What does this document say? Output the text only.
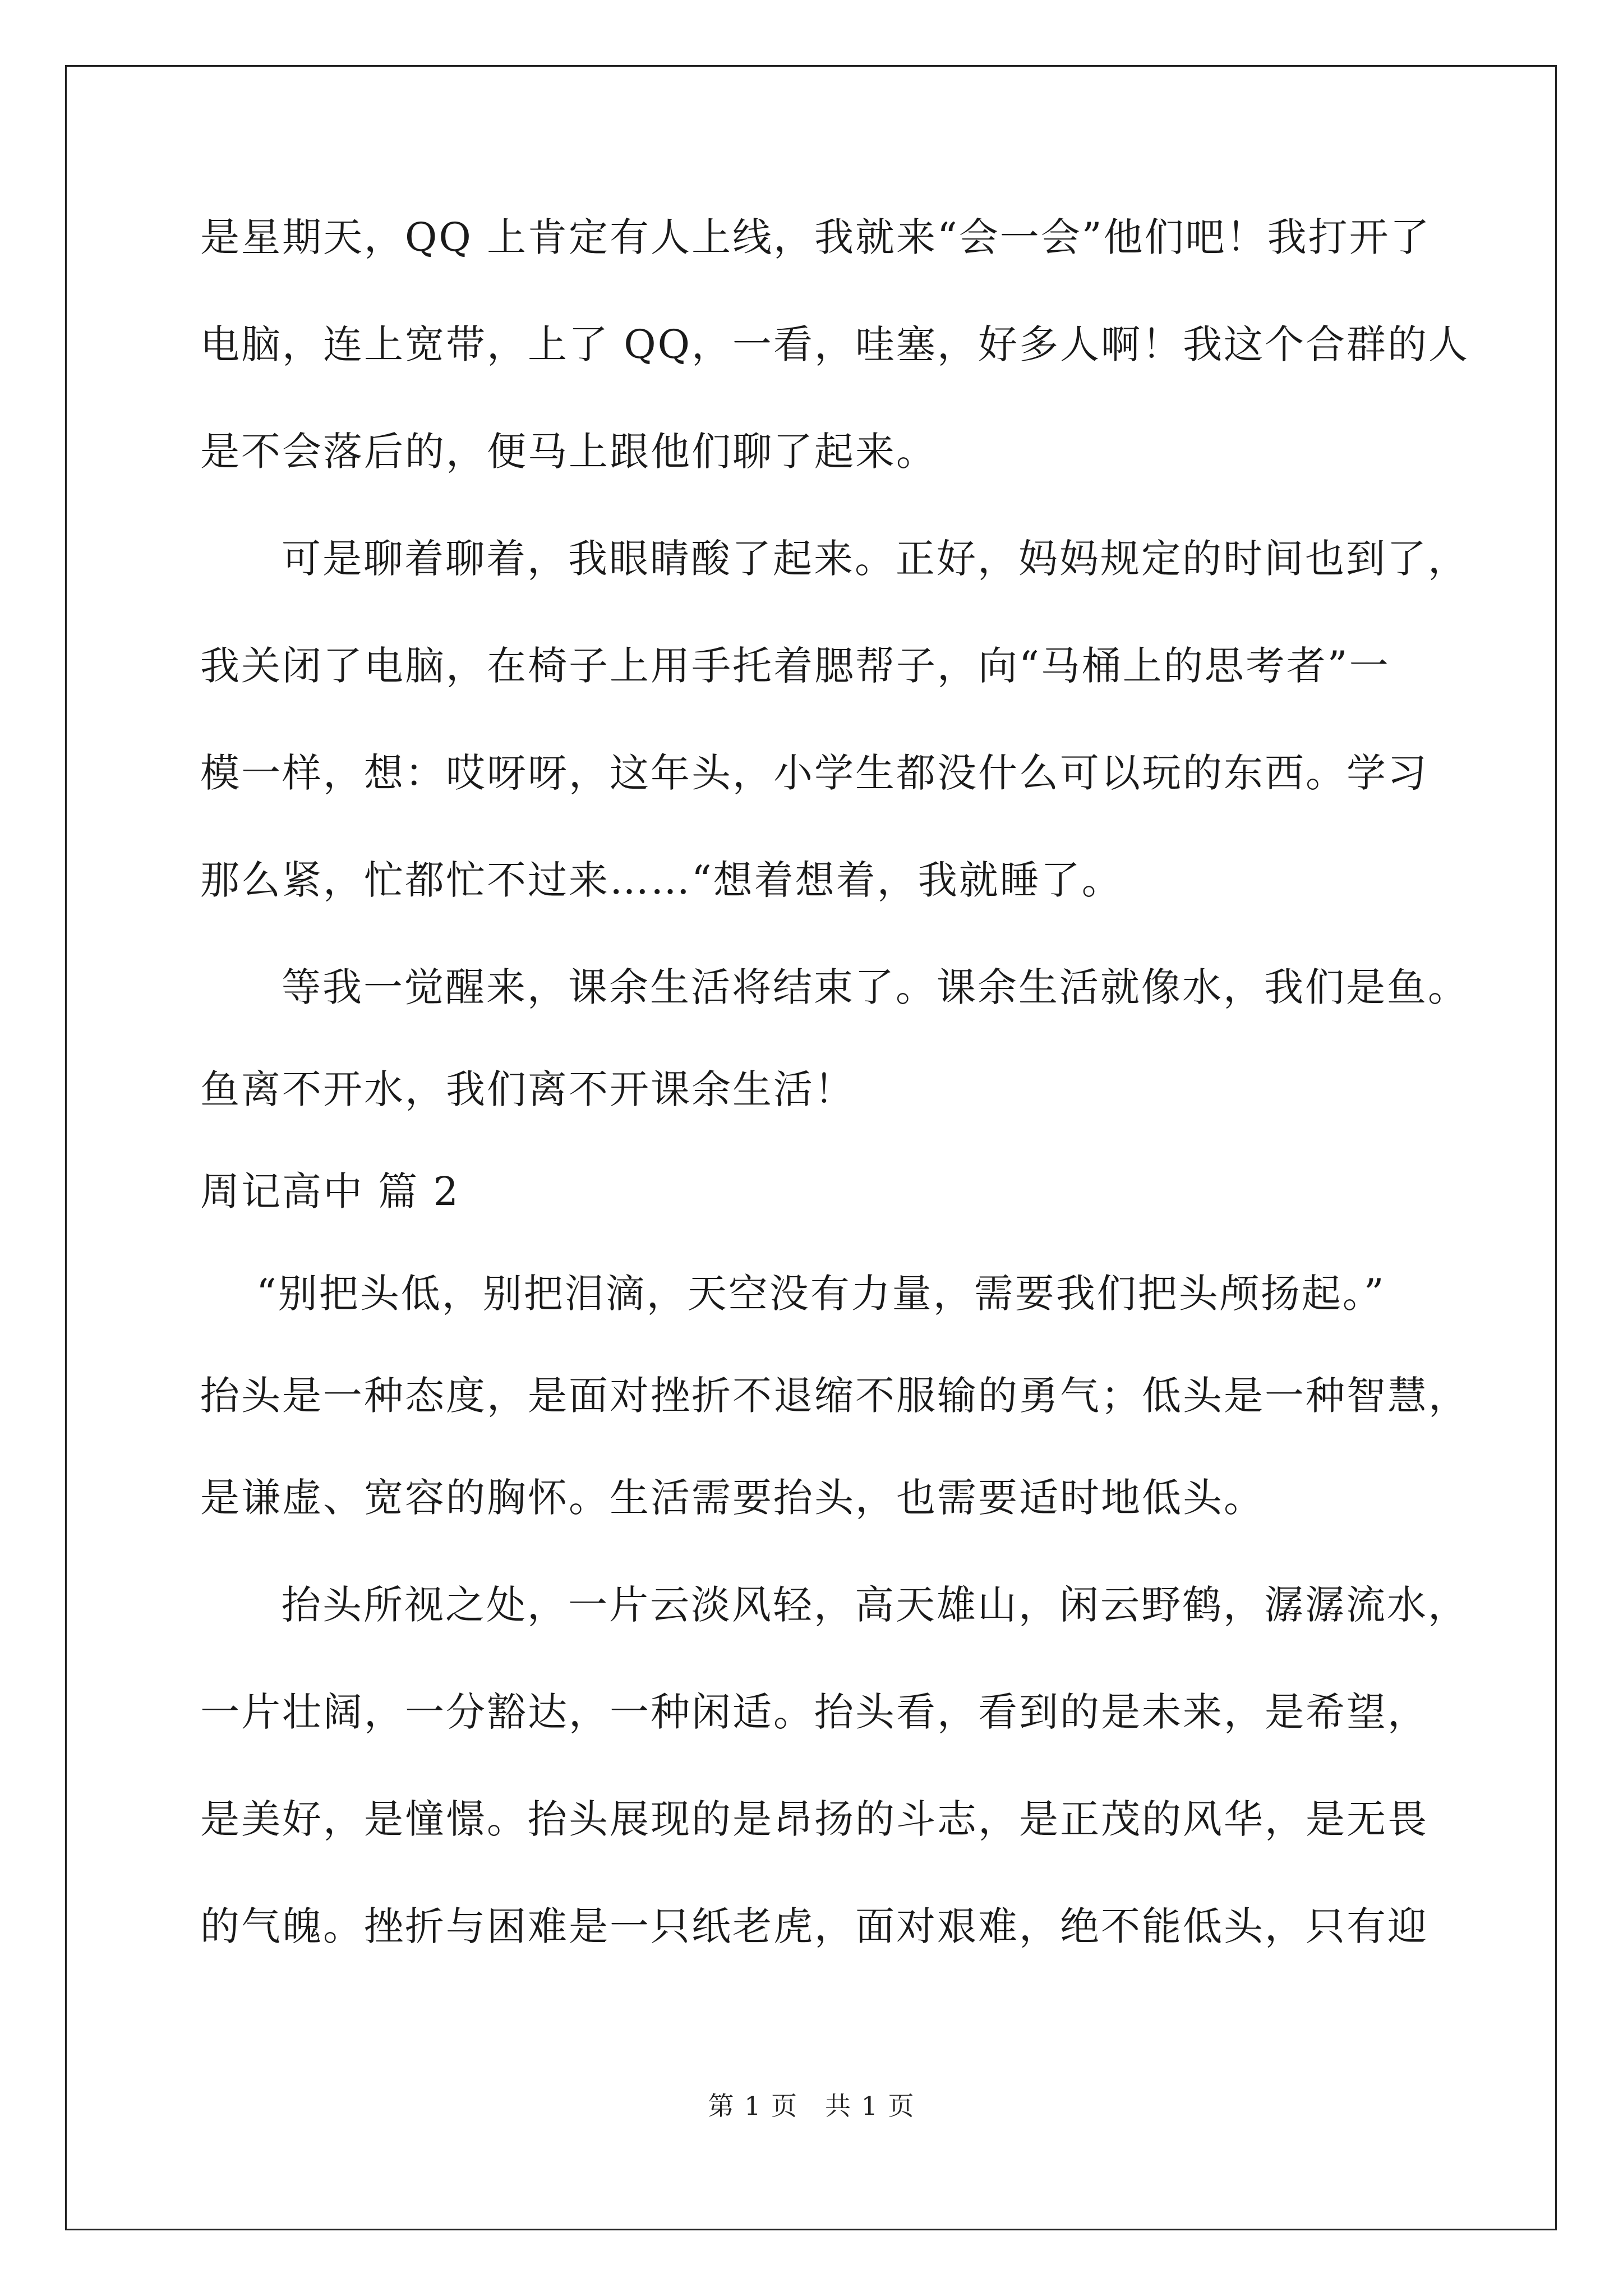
是星期天，QQ 上肯定有人上线，我就来“会一会”他们吧！我打开了

电脑，连上宽带，上了 QQ，一看，哇塞，好多人啊！我这个合群的人

是不会落后的，便马上跟他们聊了起来。

可是聊着聊着，我眼睛酸了起来。正好，妈妈规定的时间也到了，

我关闭了电脑，在椅子上用手托着腮帮子，向“马桶上的思考者”一

模一样，想：哎呀呀，这年头，小学生都没什么可以玩的东西。学习

那么紧，忙都忙不过来……“想着想着，我就睡了。

等我一觉醒来，课余生活将结束了。课余生活就像水，我们是鱼。

鱼离不开水，我们离不开课余生活！

周记高中 篇 2

“别把头低，别把泪滴，天空没有力量，需要我们把头颅扬起。”

抬头是一种态度，是面对挫折不退缩不服输的勇气；低头是一种智慧，

是谦虚、宽容的胸怀。生活需要抬头，也需要适时地低头。

抬头所视之处，一片云淡风轻，高天雄山，闲云野鹤，潺潺流水，

一片壮阔，一分豁达，一种闲适。抬头看，看到的是未来，是希望，

是美好，是憧憬。抬头展现的是昂扬的斗志，是正茂的风华，是无畏

的气魄。挫折与困难是一只纸老虎，面对艰难，绝不能低头，只有迎

第 1 页　共 1 页
